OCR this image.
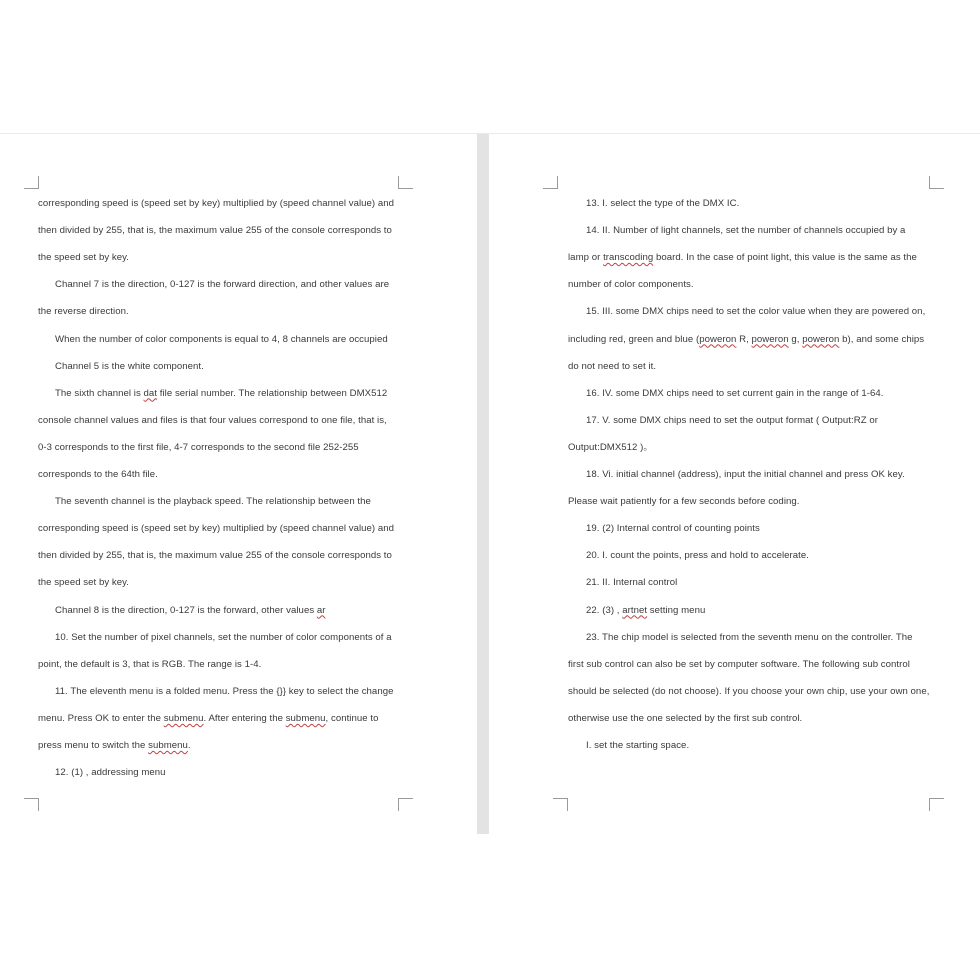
corresponding speed is (speed set by key) multiplied by (speed channel value) and
then divided by 255, that is, the maximum value 255 of the console corresponds to
the speed set by key.
Channel 7 is the direction, 0-127 is the forward direction, and other values are
the reverse direction.
When the number of color components is equal to 4, 8 channels are occupied
Channel 5 is the white component.
The sixth channel is dat file serial number. The relationship between DMX512
console channel values and files is that four values correspond to one file, that is,
0-3 corresponds to the first file, 4-7 corresponds to the second file 252-255
corresponds to the 64th file.
The seventh channel is the playback speed. The relationship between the
corresponding speed is (speed set by key) multiplied by (speed channel value) and
then divided by 255, that is, the maximum value 255 of the console corresponds to
the speed set by key.
Channel 8 is the direction, 0-127 is the forward, other values ar
10. Set the number of pixel channels, set the number of color components of a
point, the default is 3, that is RGB. The range is 1-4.
11. The eleventh menu is a folded menu. Press the {}} key to select the change
menu. Press OK to enter the submenu. After entering the submenu, continue to
press menu to switch the submenu.
12. (1) , addressing menu
13. I. select the type of the DMX IC.
14. II. Number of light channels, set the number of channels occupied by a
lamp or transcoding board. In the case of point light, this value is the same as the
number of color components.
15. III. some DMX chips need to set the color value when they are powered on,
including red, green and blue (poweron R, poweron g, poweron b), and some chips
do not need to set it.
16. IV. some DMX chips need to set current gain in the range of 1-64.
17. V. some DMX chips need to set the output format ( Output:RZ or
Output:DMX512 )。
18. Vi. initial channel (address), input the initial channel and press OK key.
Please wait patiently for a few seconds before coding.
19. (2) Internal control of counting points
20. I. count the points, press and hold to accelerate.
21. II. Internal control
22. (3) , artnet setting menu
23. The chip model is selected from the seventh menu on the controller. The
first sub control can also be set by computer software. The following sub control
should be selected (do not choose). If you choose your own chip, use your own one,
otherwise use the one selected by the first sub control.
I. set the starting space.
